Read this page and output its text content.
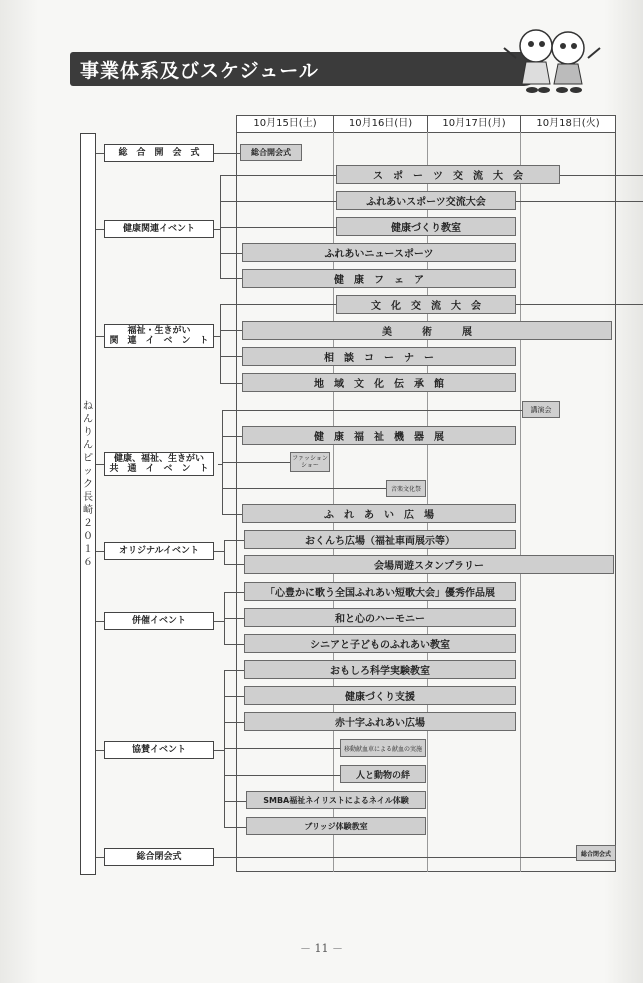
事業体系及びスケジュール
10月15日(土)	10月16日(日)	10月17日(月)	10月18日(火)
ねんりんピック長崎２０１６
総　合　開　会　式
健康関連イベント
福祉・生きがい
関　連　イ　ベ　ン　ト
健康、福祉、生きがい
共　通　イ　ベ　ン　ト
オリジナルイベント
併催イベント
協賛イベント
総合閉会式
総合開会式
ス　ポ　ー　ツ　交　流　大　会
ふれあいスポーツ交流大会
健康づくり教室
ふれあいニュースポーツ
健　康　フ　ェ　ア
文　化　交　流　大　会
美　　　術　　　展
相　談　コ　ー　ナ　ー
地　域　文　化　伝　承　館
講演会
健　康　福　祉　機　器　展
ファッション
ショー
音楽文化祭
ふ　れ　あ　い　広　場
おくんち広場（福祉車両展示等）
会場周遊スタンプラリー
「心豊かに歌う全国ふれあい短歌大会」優秀作品展
和と心のハーモニー
シニアと子どものふれあい教室
おもしろ科学実験教室
健康づくり支援
赤十字ふれあい広場
移動献血車による献血の実施
人と動物の絆
SMBA福祉ネイリストによるネイル体験
ブリッジ体験教室
総合閉会式
－ 11 －
